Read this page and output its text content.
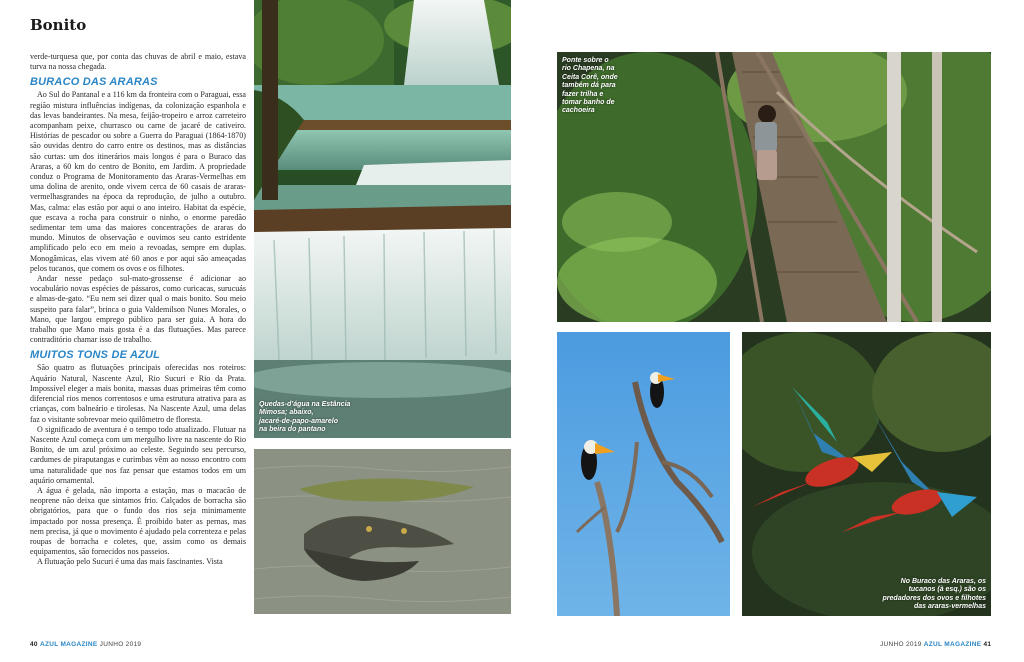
Bonito

verde-turquesa que, por conta das chuvas de abril e maio, estava turva na nossa chegada.

BURACO DAS ARARAS

Ao Sul do Pantanal e a 116 km da fronteira com o Paraguai, essa região mistura influências indígenas, da colonização espanhola e das levas bandeirantes. Na mesa, feijão-tropeiro e arroz carreteiro acompanham peixe, churrasco ou carne de jacaré de cativeiro. Histórias de pescador ou sobre a Guerra do Paraguai (1864-1870) são ouvidas dentro do carro entre os destinos, mas as distâncias são curtas: um dos itinerários mais longos é para o Buraco das Araras, a 60 km do centro de Bonito, em Jardim. A propriedade conduz o Programa de Monitoramento das Araras-Vermelhas em uma dolina de arenito, onde vivem cerca de 60 casais de araras-vermelhasgrandes na época da reprodução, de julho a outubro. Mas, calma: elas estão por aqui o ano inteiro. Habitat da espécie, que escava a rocha para construir o ninho, o enorme paredão sedimentar tem uma das maiores concentrações de araras do mundo. Minutos de observação e ouvimos seu canto estridente amplificado pelo eco em meio a revoadas, sempre em duplas. Monogâmicas, elas vivem até 60 anos e por aqui são ameaçadas pelos tucanos, que comem os ovos e os filhotes.

Andar nesse pedaço sul-mato-grossense é adicionar ao vocabulário novas espécies de pássaros, como curicacas, surucuás e almas-de-gato. “Eu nem sei dizer qual o mais bonito. Sou meio suspeito para falar”, brinca o guia Valdemilson Nunes Morales, o Mano, que largou emprego público para ser guia. A hora do trabalho que Mano mais gosta é a das flutuações. Mas parece contraditório chamar isso de trabalho.

MUITOS TONS DE AZUL

São quatro as flutuações principais oferecidas nos roteiros: Aquário Natural, Nascente Azul, Rio Sucuri e Rio da Prata. Impossível eleger a mais bonita, massas duas primeiras têm como diferencial rios menos correntosos e uma estrutura atrativa para as crianças, com balneário e tirolesas. Na Nascente Azul, uma delas faz o visitante sobrevoar meio quilômetro de floresta.

O significado de aventura é o tempo todo atualizado. Flutuar na Nascente Azul começa com um mergulho livre na nascente do Rio Bonito, de um azul próximo ao celeste. Seguindo seu percurso, cardumes de piraputangas e curimbas vêm ao nosso encontro com uma naturalidade que nos faz pensar que estamos todos em um aquário ornamental.

A água é gelada, não importa a estação, mas o macacão de neoprene não deixa que sintamos frio. Calçados de borracha são obrigatórios, para que o fundo dos rios seja minimamente impactado por nossa presença. É proibido bater as pernas, mas nem precisa, já que o movimento é ajudado pela correnteza e pelas roupas de borracha e coletes, que, assim como os demais equipamentos, são fornecidos nos passeios.

A flutuação pelo Sucuri é uma das mais fascinantes. Vista

Quedas-d’água na Estância
Mimosa; abaixo,
jacaré-de-papo-amarelo
na beira do pantano
Ponte sobre o
rio Chapena, na
Ceita Corê, onde
também dá para
fazer trilha e
tomar banho de
cachoeira
No Buraco das Araras, os
tucanos (à esq.) são os
predadores dos ovos e filhotes
das araras-vermelhas
40 AZUL MAGAZINE JUNHO 2019	JUNHO 2019 AZUL MAGAZINE 41
